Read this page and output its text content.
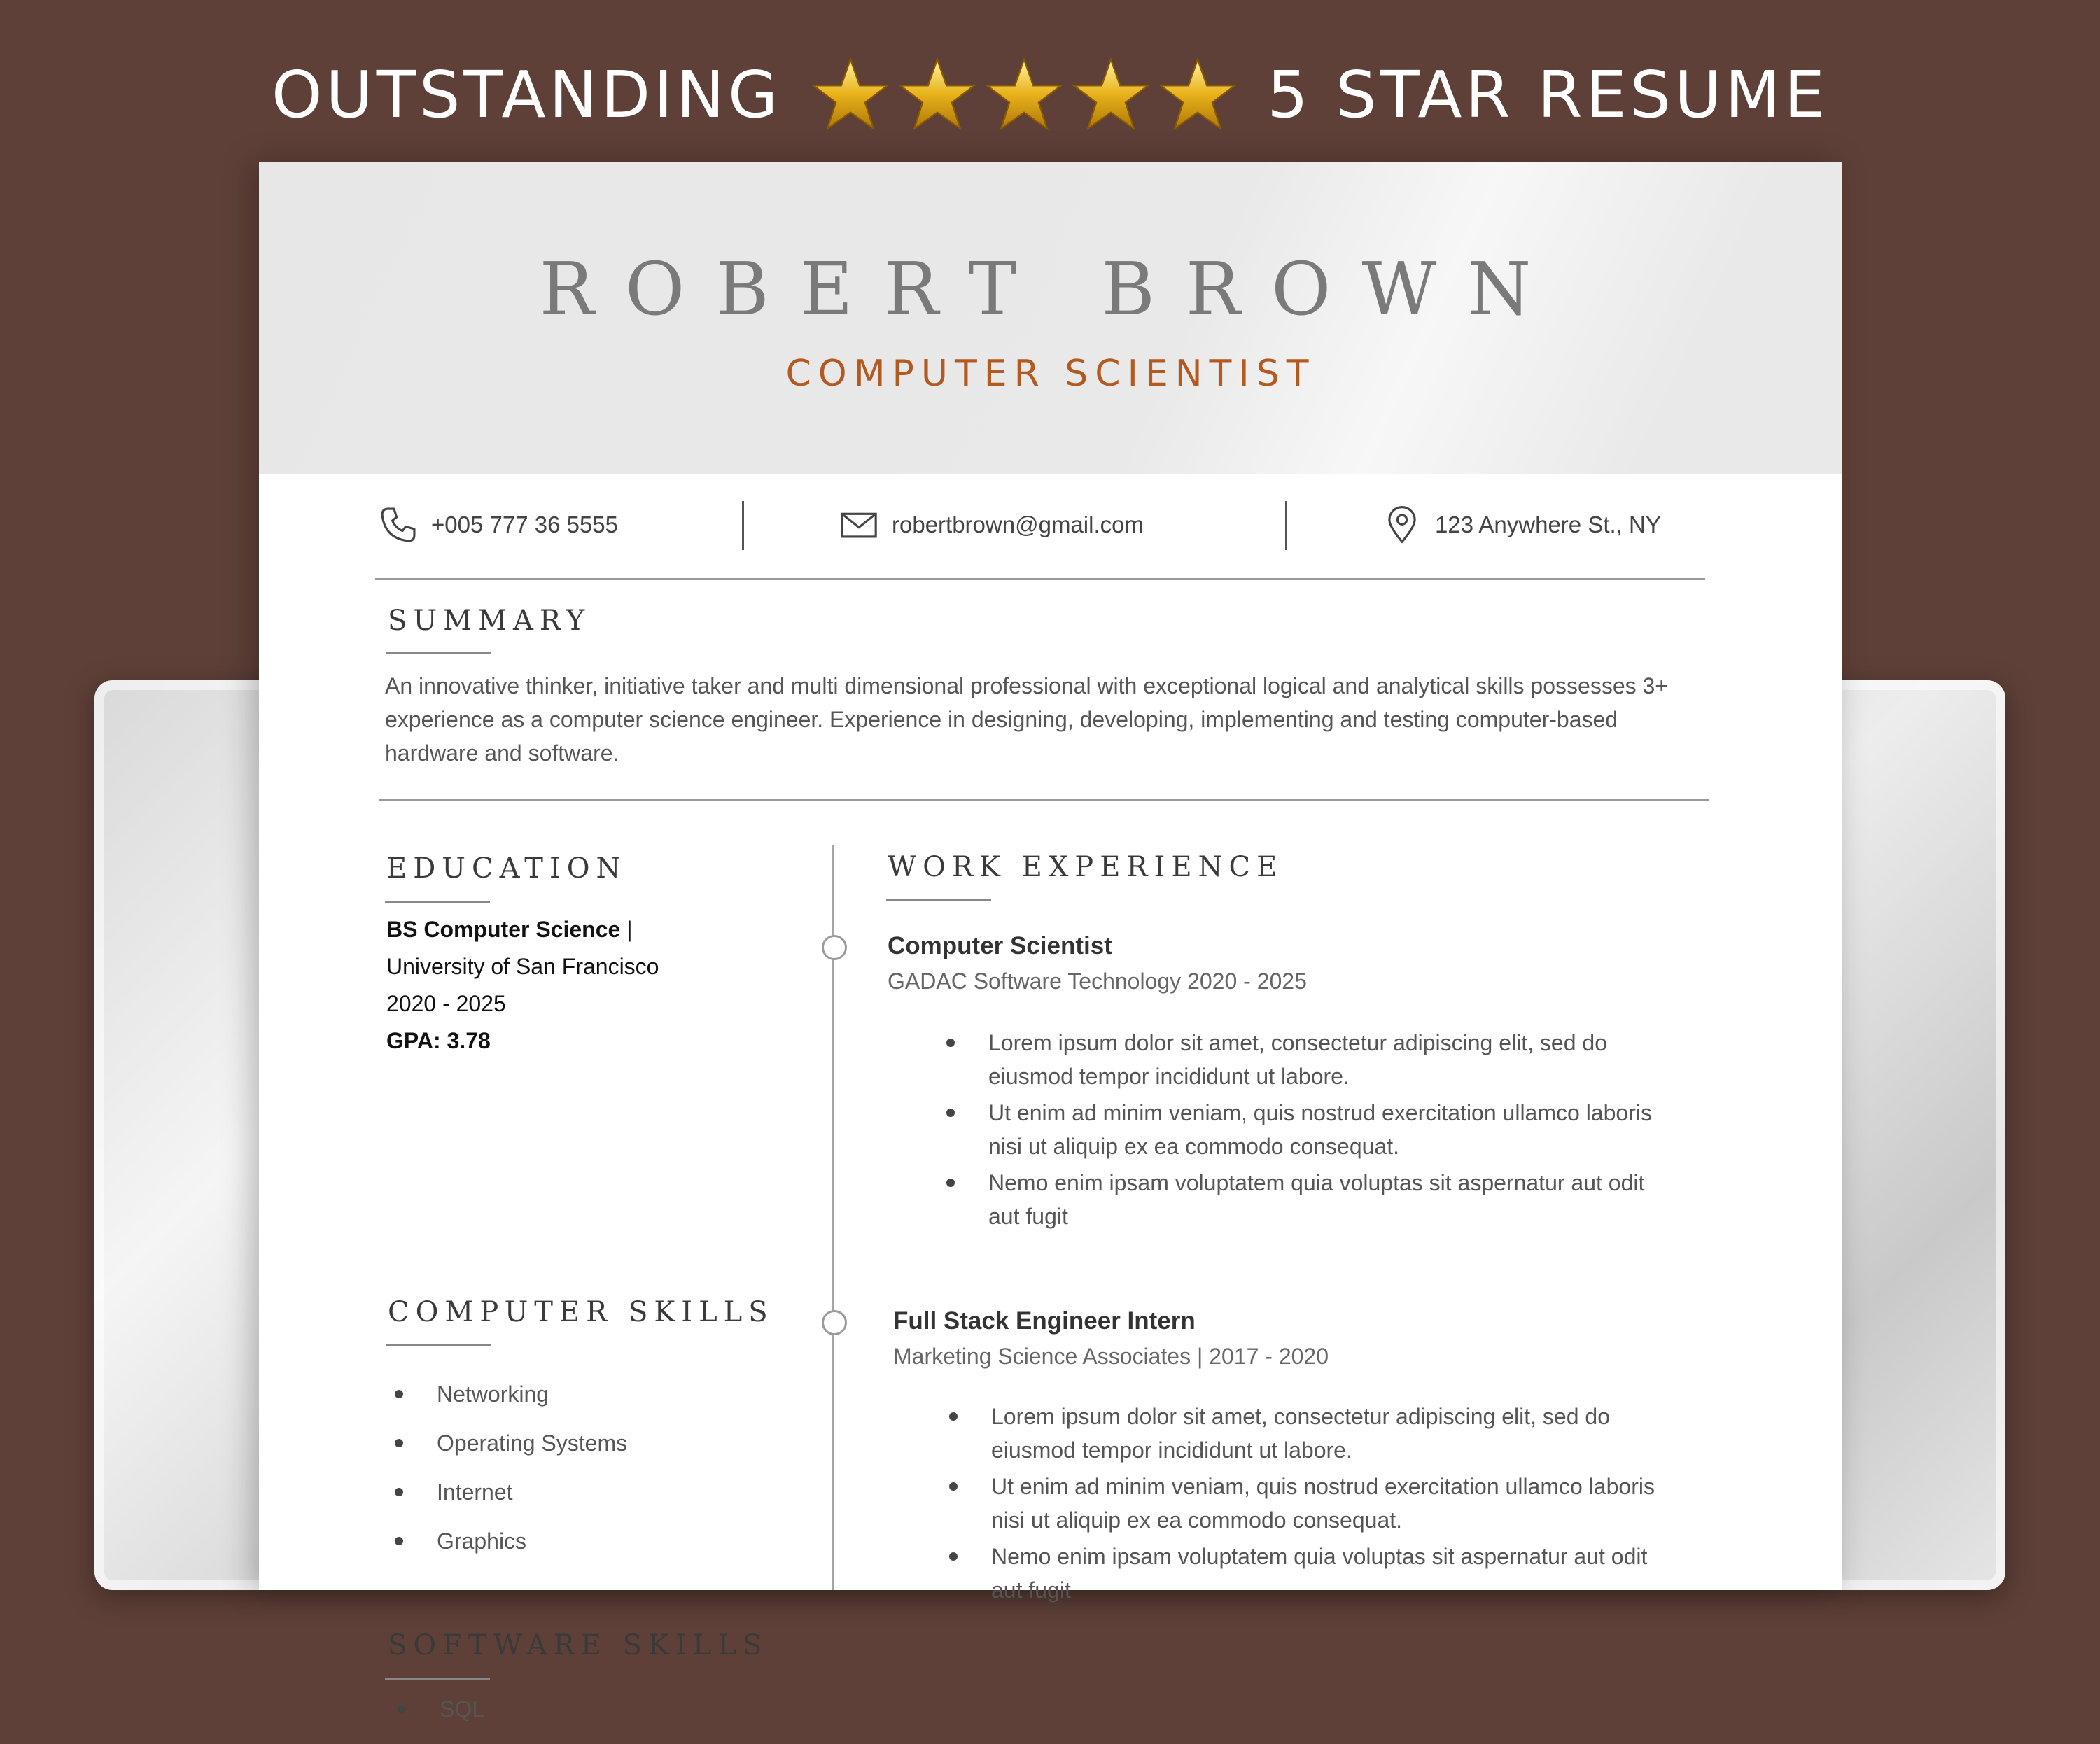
OUTSTANDING	5 STAR RESUME
ROBERT BROWN
COMPUTER SCIENTIST
+005 777 36 5555	robertbrown@gmail.com	123 Anywhere St., NY
SUMMARY
An innovative thinker, initiative taker and multi dimensional professional with exceptional logical and analytical skills possesses 3+ experience as a computer science engineer. Experience in designing, developing, implementing and testing computer-based hardware and software.
EDUCATION
BS Computer Science |
University of San Francisco
2020 - 2025
GPA: 3.78
COMPUTER SKILLS
Networking
Operating Systems
Internet
Graphics
SOFTWARE SKILLS
WORK EXPERIENCE
Computer Scientist
GADAC Software Technology 2020 - 2025
Lorem ipsum dolor sit amet, consectetur adipiscing elit, sed do eiusmod tempor incididunt ut labore.
Ut enim ad minim veniam, quis nostrud exercitation ullamco laboris nisi ut aliquip ex ea commodo consequat.
Nemo enim ipsam voluptatem quia voluptas sit aspernatur aut odit aut fugit
Full Stack Engineer Intern
Marketing Science Associates | 2017 - 2020
Lorem ipsum dolor sit amet, consectetur adipiscing elit, sed do eiusmod tempor incididunt ut labore.
Ut enim ad minim veniam, quis nostrud exercitation ullamco laboris nisi ut aliquip ex ea commodo consequat.
Nemo enim ipsam voluptatem quia voluptas sit aspernatur aut odit aut fugit
SQL
